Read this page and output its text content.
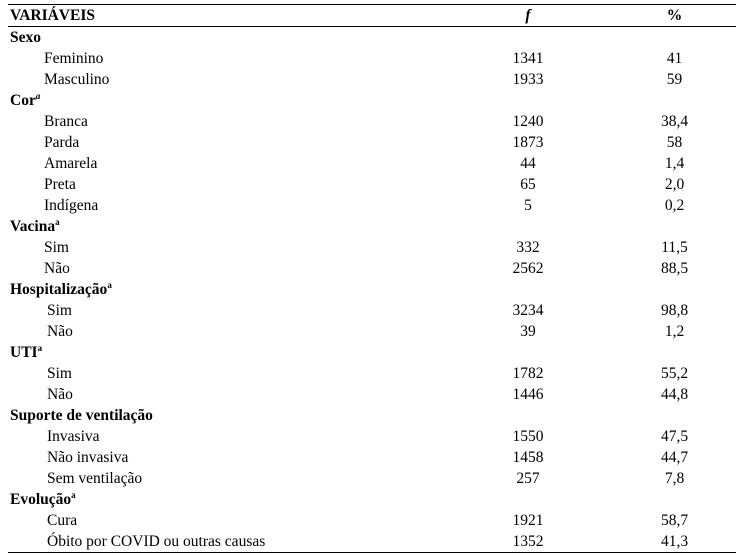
VARIÁVEIS	f	%
Sexo		
Feminino	1341	41
Masculino	1933	59
Cor$^a$
Branca	1240	38,4
Parda	1873	58
Amarela	44	1,4
Preta	65	2,0
Indígena	5	0,2
Vacina$^a$
Sim	332	11,5
Não	2562	88,5
Hospitalização$^a$
Sim	3234	98,8
Não	39	1,2
UTI$^a$
Sim	1782	55,2
Não	1446	44,8
Suporte de ventilação		
Invasiva	1550	47,5
Não invasiva	1458	44,7
Sem ventilação	257	7,8
Evolução$^a$
Cura	1921	58,7
Óbito por COVID ou outras causas	1352	41,3
